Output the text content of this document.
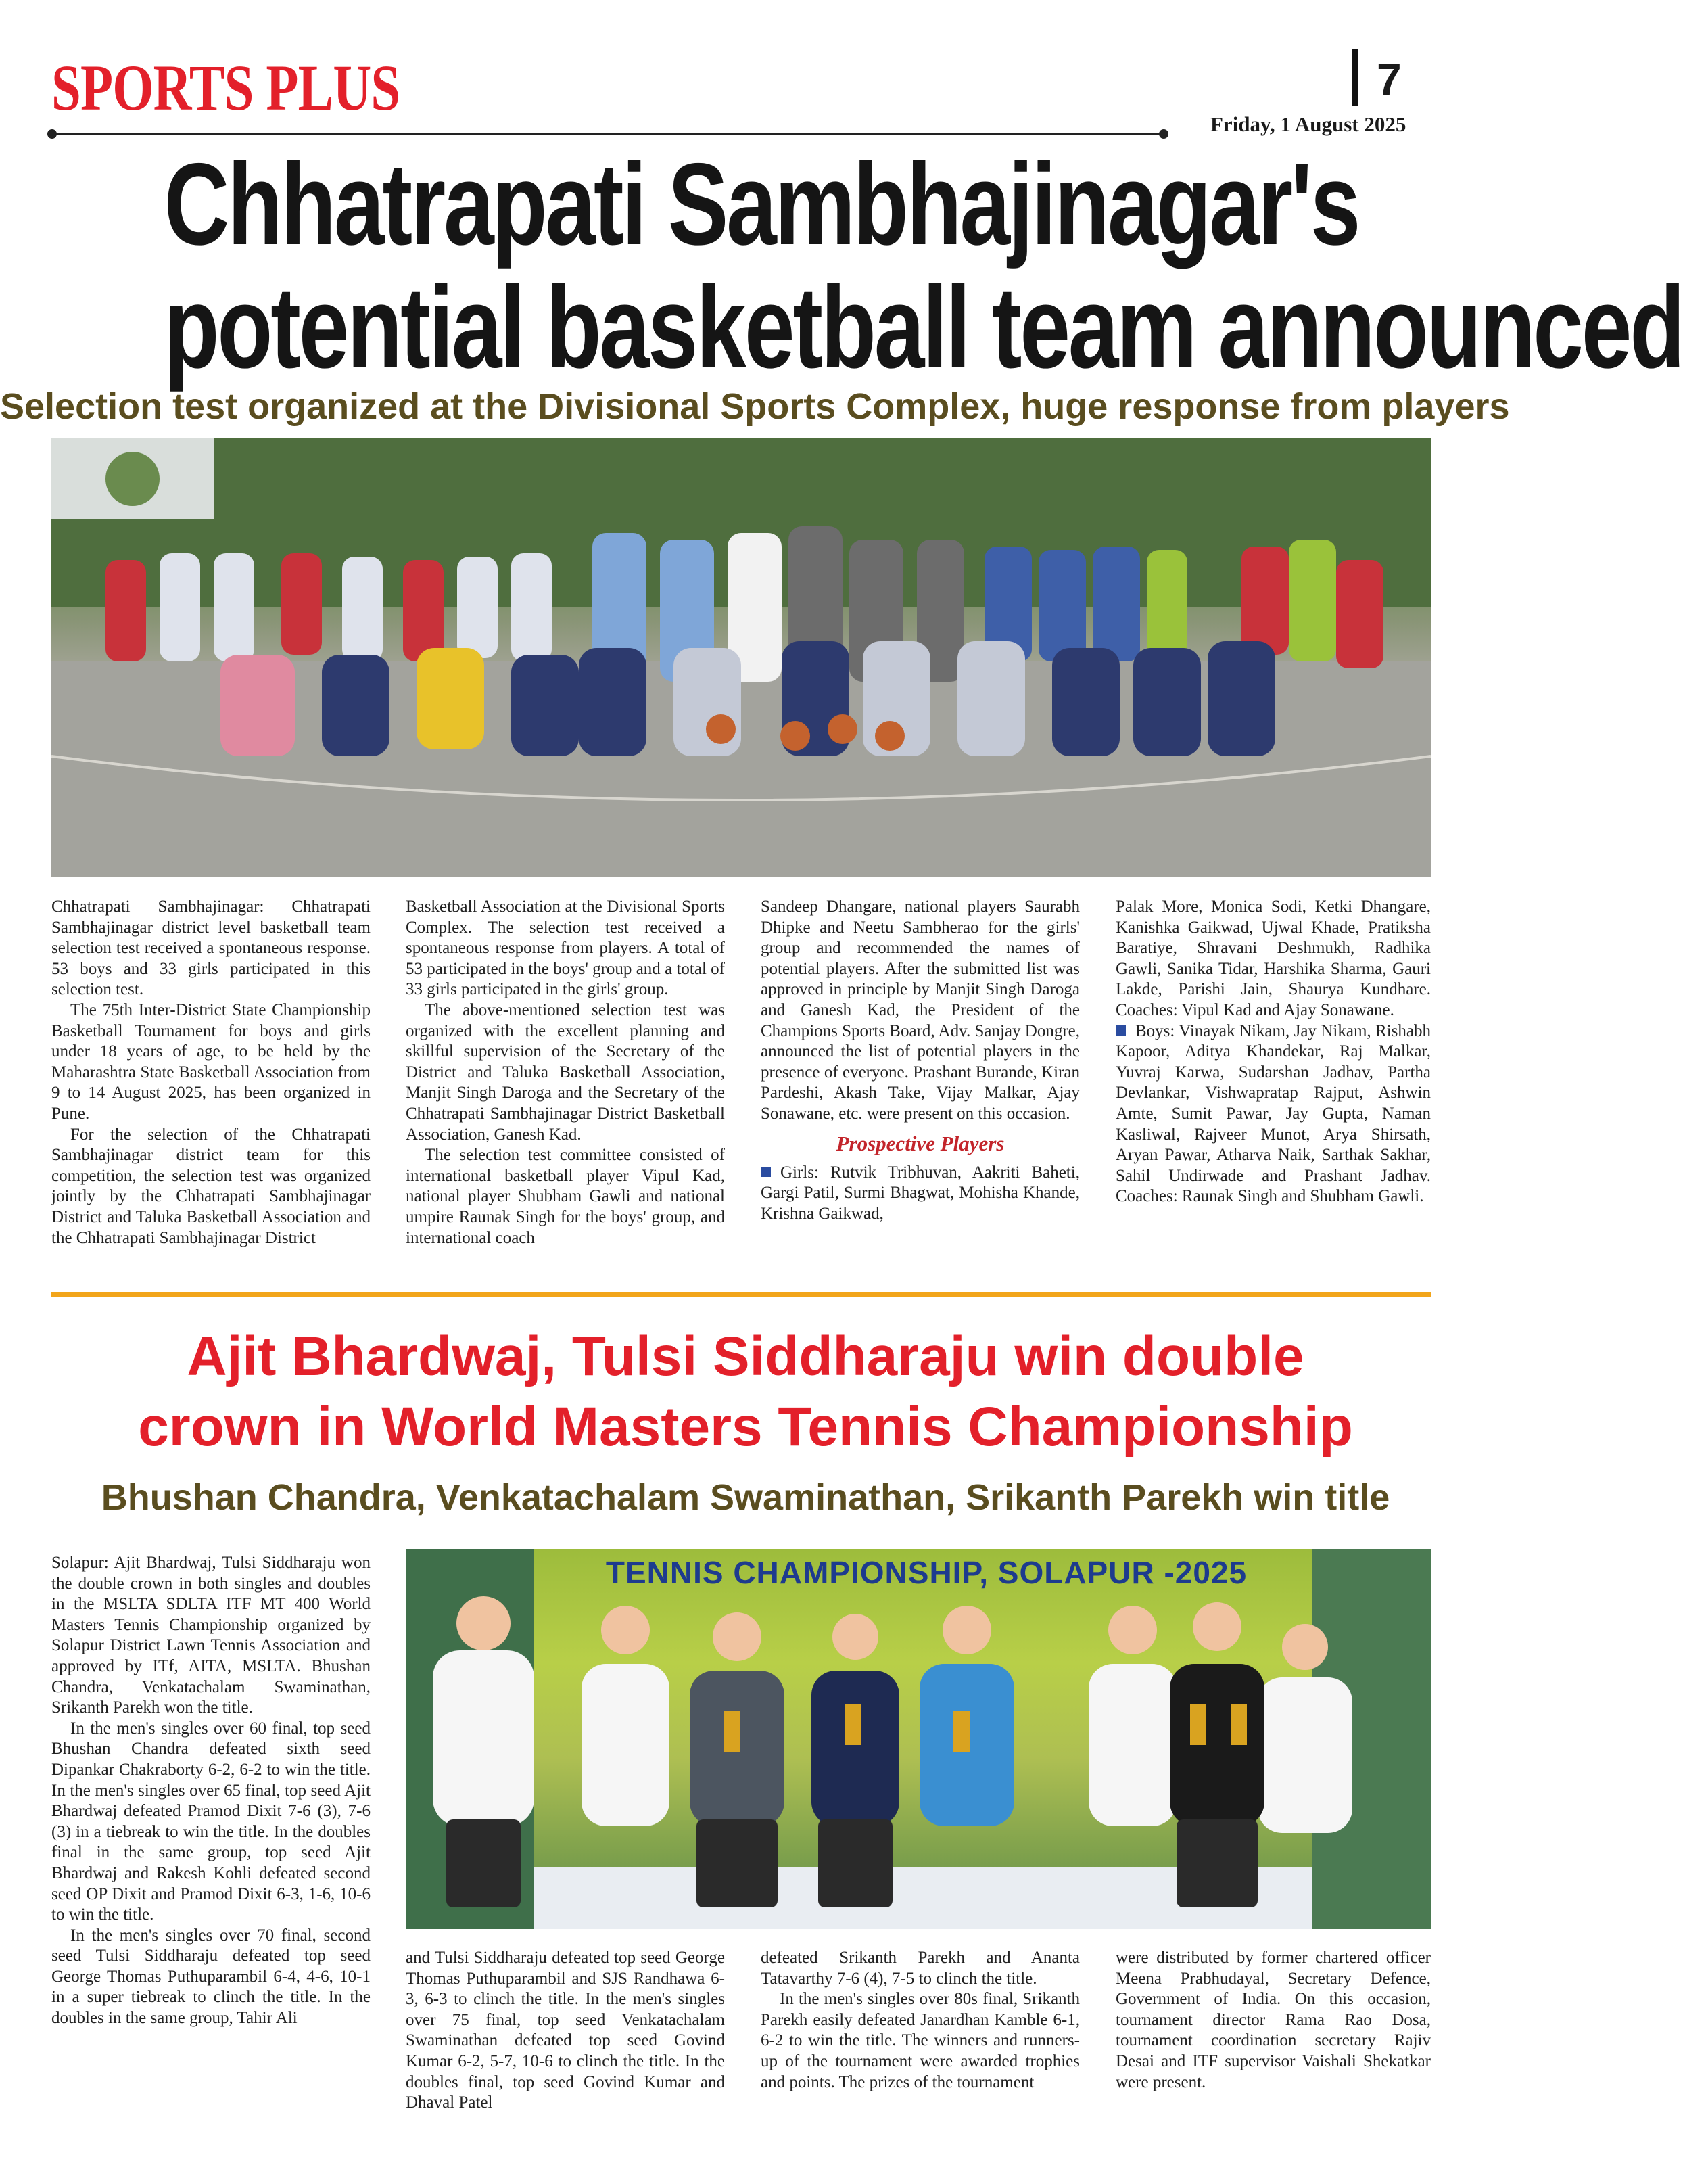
SPORTS PLUS	7
Friday, 1 August 2025
Chhatrapati Sambhajinagar's
potential basketball team announced
Selection test organized at the Divisional Sports Complex, huge response from players

Chhatrapati Sambhajinagar: Chhatrapati Sambhajinagar district level basketball team selection test received a spontaneous response. 53 boys and 33 girls participated in this selection test.

The 75th Inter-District State Championship Basketball Tournament for boys and girls under 18 years of age, to be held by the Maharashtra State Basketball Association from 9 to 14 August 2025, has been organized in Pune.

For the selection of the Chhatrapati Sambhajinagar district team for this competition, the selection test was organized jointly by the Chhatrapati Sambhajinagar District and Taluka Basketball Association and the Chhatrapati Sambhajinagar District

Basketball Association at the Divisional Sports Complex. The selection test received a spontaneous response from players. A total of 53 participated in the boys' group and a total of 33 girls participated in the girls' group.

The above-mentioned selection test was organized with the excellent planning and skillful supervision of the Secretary of the District and Taluka Basketball Association, Manjit Singh Daroga and the Secretary of the Chhatrapati Sambhajinagar District Basketball Association, Ganesh Kad.

The selection test committee consisted of international basketball player Vipul Kad, national player Shubham Gawli and national umpire Raunak Singh for the boys' group, and international coach

Sandeep Dhangare, national players Saurabh Dhipke and Neetu Sambherao for the girls' group and recommended the names of potential players. After the submitted list was approved in principle by Manjit Singh Daroga and Ganesh Kad, the President of the Champions Sports Board, Adv. Sanjay Dongre, announced the list of potential players in the presence of everyone. Prashant Burande, Kiran Pardeshi, Akash Take, Vijay Malkar, Ajay Sonawane, etc. were present on this occasion.

Prospective Players

Girls: Rutvik Tribhuvan, Aakriti Baheti, Gargi Patil, Surmi Bhagwat, Mohisha Khande, Krishna Gaikwad,

Palak More, Monica Sodi, Ketki Dhangare, Kanishka Gaikwad, Ujwal Khade, Pratiksha Baratiye, Shravani Deshmukh, Radhika Gawli, Sanika Tidar, Harshika Sharma, Gauri Lakde, Parishi Jain, Shaurya Kundhare. Coaches: Vipul Kad and Ajay Sonawane.

Boys: Vinayak Nikam, Jay Nikam, Rishabh Kapoor, Aditya Khandekar, Raj Malkar, Yuvraj Karwa, Sudarshan Jadhav, Partha Devlankar, Vishwapratap Rajput, Ashwin Amte, Sumit Pawar, Jay Gupta, Naman Kasliwal, Rajveer Munot, Arya Shirsath, Aryan Pawar, Atharva Naik, Sarthak Sakhar, Sahil Undirwade and Prashant Jadhav. Coaches: Raunak Singh and Shubham Gawli.

Ajit Bhardwaj, Tulsi Siddharaju win double
crown in World Masters Tennis Championship
Bhushan Chandra, Venkatachalam Swaminathan, Srikanth Parekh win title
TENNIS CHAMPIONSHIP, SOLAPUR -2025

Solapur: Ajit Bhardwaj, Tulsi Siddharaju won the double crown in both singles and doubles in the MSLTA SDLTA ITF MT 400 World Masters Tennis Championship organized by Solapur District Lawn Tennis Association and approved by ITf, AITA, MSLTA. Bhushan Chandra, Venkatachalam Swaminathan, Srikanth Parekh won the title.

In the men's singles over 60 final, top seed Bhushan Chandra defeated sixth seed Dipankar Chakraborty 6-2, 6-2 to win the title. In the men's singles over 65 final, top seed Ajit Bhardwaj defeated Pramod Dixit 7-6 (3), 7-6 (3) in a tiebreak to win the title. In the doubles final in the same group, top seed Ajit Bhardwaj and Rakesh Kohli defeated second seed OP Dixit and Pramod Dixit 6-3, 1-6, 10-6 to win the title.

In the men's singles over 70 final, second seed Tulsi Siddharaju defeated top seed George Thomas Puthuparambil 6-4, 4-6, 10-1 in a super tiebreak to clinch the title. In the doubles in the same group, Tahir Ali

and Tulsi Siddharaju defeated top seed George Thomas Puthuparambil and SJS Randhawa 6-3, 6-3 to clinch the title. In the men's singles over 75 final, top seed Venkatachalam Swaminathan defeated top seed Govind Kumar 6-2, 5-7, 10-6 to clinch the title. In the doubles final, top seed Govind Kumar and Dhaval Patel

defeated Srikanth Parekh and Ananta Tatavarthy 7-6 (4), 7-5 to clinch the title.

In the men's singles over 80s final, Srikanth Parekh easily defeated Janardhan Kamble 6-1, 6-2 to win the title. The winners and runners-up of the tournament were awarded trophies and points. The prizes of the tournament

were distributed by former chartered officer Meena Prabhudayal, Secretary Defence, Government of India. On this occasion, tournament director Rama Rao Dosa, tournament coordination secretary Rajiv Desai and ITF supervisor Vaishali Shekatkar were present.
